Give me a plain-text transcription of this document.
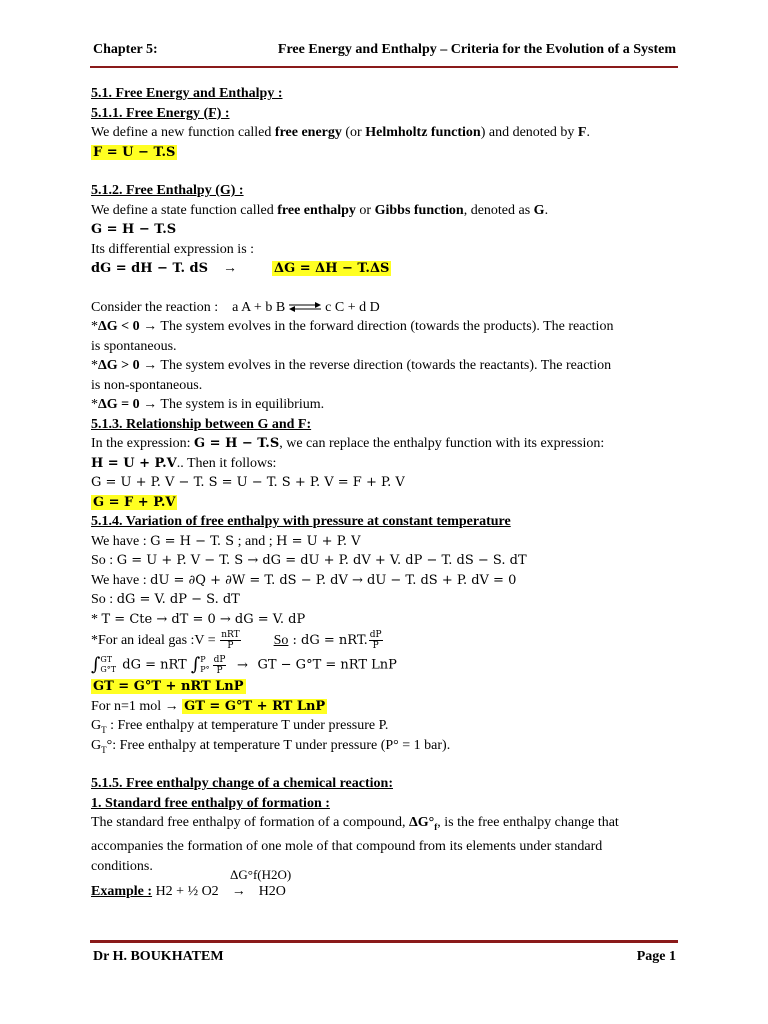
Chapter 5:	Free Energy and Enthalpy – Criteria for the Evolution of a System
5.1. Free Energy and Enthalpy :
5.1.1. Free Energy (F) :
We define a new function called free energy (or Helmholtz function) and denoted by F.
F = U − T.S
5.1.2. Free Enthalpy (G) :
We define a state function called free enthalpy or Gibbs function, denoted as G.
G = H − T.S
Its differential expression is :
dG = dH − T. dS →	ΔG = ΔH − T.ΔS
Consider the reaction : a A + b B ⇌ c C + d D
*ΔG < 0 → The system evolves in the forward direction (towards the products). The reaction
is spontaneous.
*ΔG > 0 → The system evolves in the reverse direction (towards the reactants). The reaction
is non-spontaneous.
*ΔG = 0 → The system is in equilibrium.
5.1.3. Relationship between G and F:
In the expression: G = H − T.S, we can replace the enthalpy function with its expression:
H = U + P.V.. Then it follows:
G = U + P. V − T. S = U − T. S + P. V = F + P. V
G = F + P.V
5.1.4. Variation of free enthalpy with pressure at constant temperature
We have : G = H − T. S ; and ; H = U + P. V
So : G = U + P. V − T. S → dG = dU + P. dV + V. dP − T. dS − S. dT
We have : dU = ∂Q + ∂W = T. dS − P. dV → dU − T. dS + P. dV = 0
So : dG = V. dP − S. dT
* T = Cte → dT = 0 → dG = V. dP
*For an ideal gas :V = $\frac{\text{nRT}}{P}$ So : dG = nRT. $\frac{dP}{P}$
∫ GT
G°T dG = nRT ∫ P
$P^\circ \frac{dP}{P}$ → GT − G°T = nRT LnP
GT = G°T + nRT LnP
For n=1 mol → GT = G°T + RT LnP
$G_T$ : Free enthalpy at temperature T under pressure P.
$G_T^\circ$: Free enthalpy at temperature T under pressure (P° = 1 bar).
5.1.5. Free enthalpy change of a chemical reaction:
1. Standard free enthalpy of formation :
The standard free enthalpy of formation of a compound, $\Delta G^\circ_f$, is the free enthalpy change that
accompanies the formation of one mole of that compound from its elements under standard
conditions.
ΔG°f(H2O)
Example : H2 + ½ O2 → H2O
Dr H. BOUKHATEM	Page 1
